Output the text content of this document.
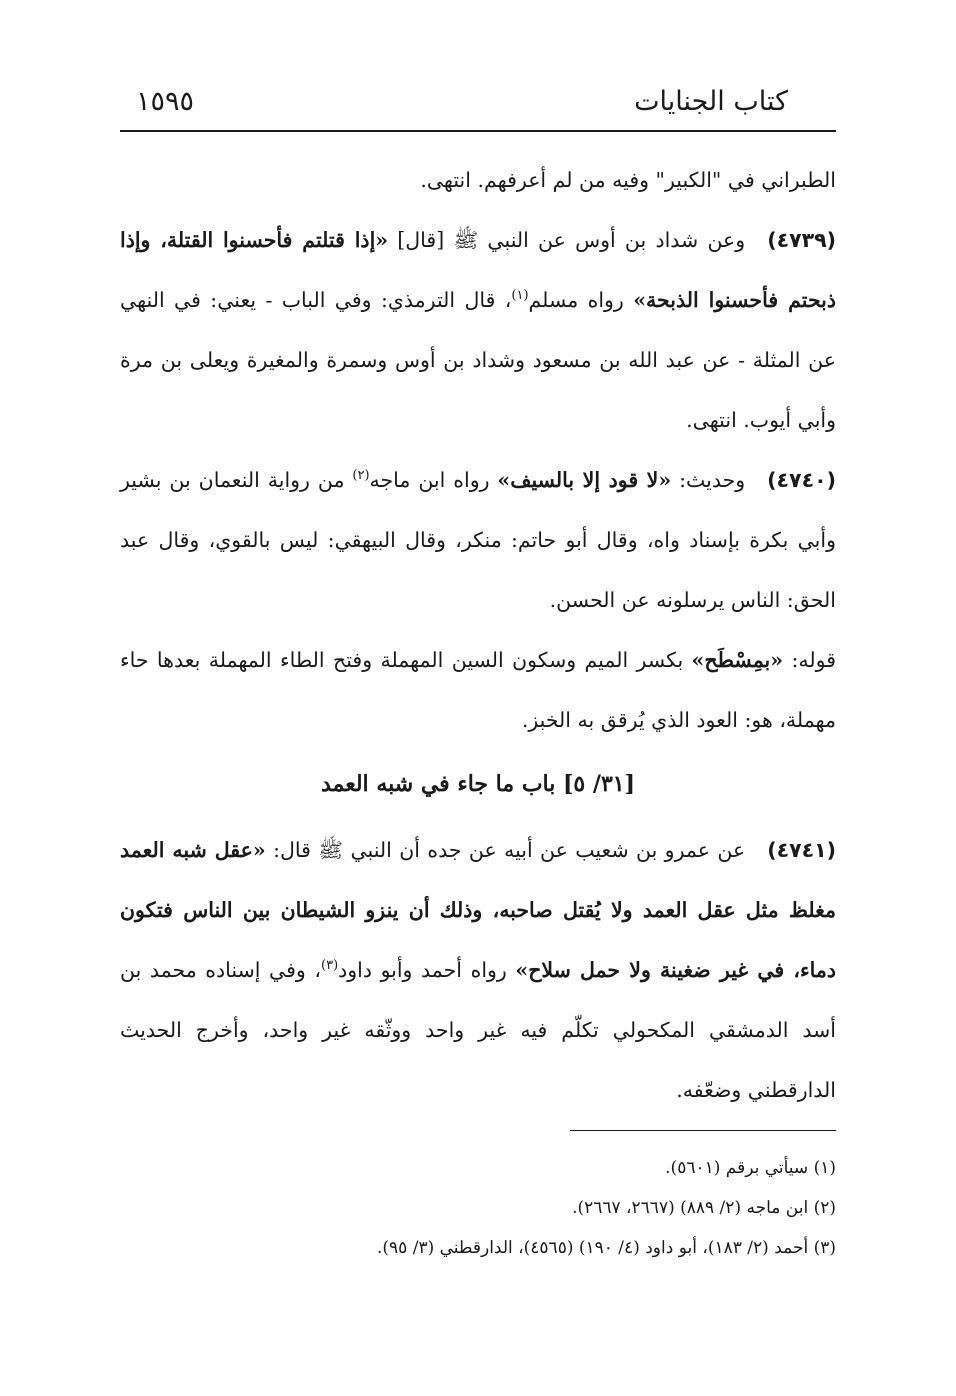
كتاب الجنايات
١٥٩٥

الطبراني في "الكبير" وفيه من لم أعرفهم. انتهى.

(٤٧٣٩)وعن شداد بن أوس عن النبي ﷺ [قال] «إذا قتلتم فأحسنوا القتلة، وإذا ذبحتم فأحسنوا الذبحة» رواه مسلم$^{(١)}$، قال الترمذي: وفي الباب - يعني: في النهي عن المثلة - عن عبد الله بن مسعود وشداد بن أوس وسمرة والمغيرة ويعلى بن مرة وأبي أيوب. انتهى.

(٤٧٤٠)وحديث: «لا قود إلا بالسيف» رواه ابن ماجه$^{(٢)}$ من رواية النعمان بن بشير وأبي بكرة بإسناد واه، وقال أبو حاتم: منكر، وقال البيهقي: ليس بالقوي، وقال عبد الحق: الناس يرسلونه عن الحسن.

قوله: «بمِسْطَح» بكسر الميم وسكون السين المهملة وفتح الطاء المهملة بعدها حاء مهملة، هو: العود الذي يُرقق به الخبز.

[٣١/ ٥] باب ما جاء في شبه العمد

(٤٧٤١)عن عمرو بن شعيب عن أبيه عن جده أن النبي ﷺ قال: «عقل شبه العمد مغلظ مثل عقل العمد ولا يُقتل صاحبه، وذلك أن ينزو الشيطان بين الناس فتكون دماء، في غير ضغينة ولا حمل سلاح» رواه أحمد وأبو داود$^{(٣)}$، وفي إسناده محمد بن أسد الدمشقي المكحولي تكلّم فيه غير واحد ووثّقه غير واحد، وأخرج الحديث الدارقطني وضعّفه.

(١) سيأتي برقم (٥٦٠١).

(٢) ابن ماجه (٢/ ٨٨٩) (٢٦٦٧، ٢٦٦٧).

(٣) أحمد (٢/ ١٨٣)، أبو داود (٤/ ١٩٠) (٤٥٦٥)، الدارقطني (٣/ ٩٥).
